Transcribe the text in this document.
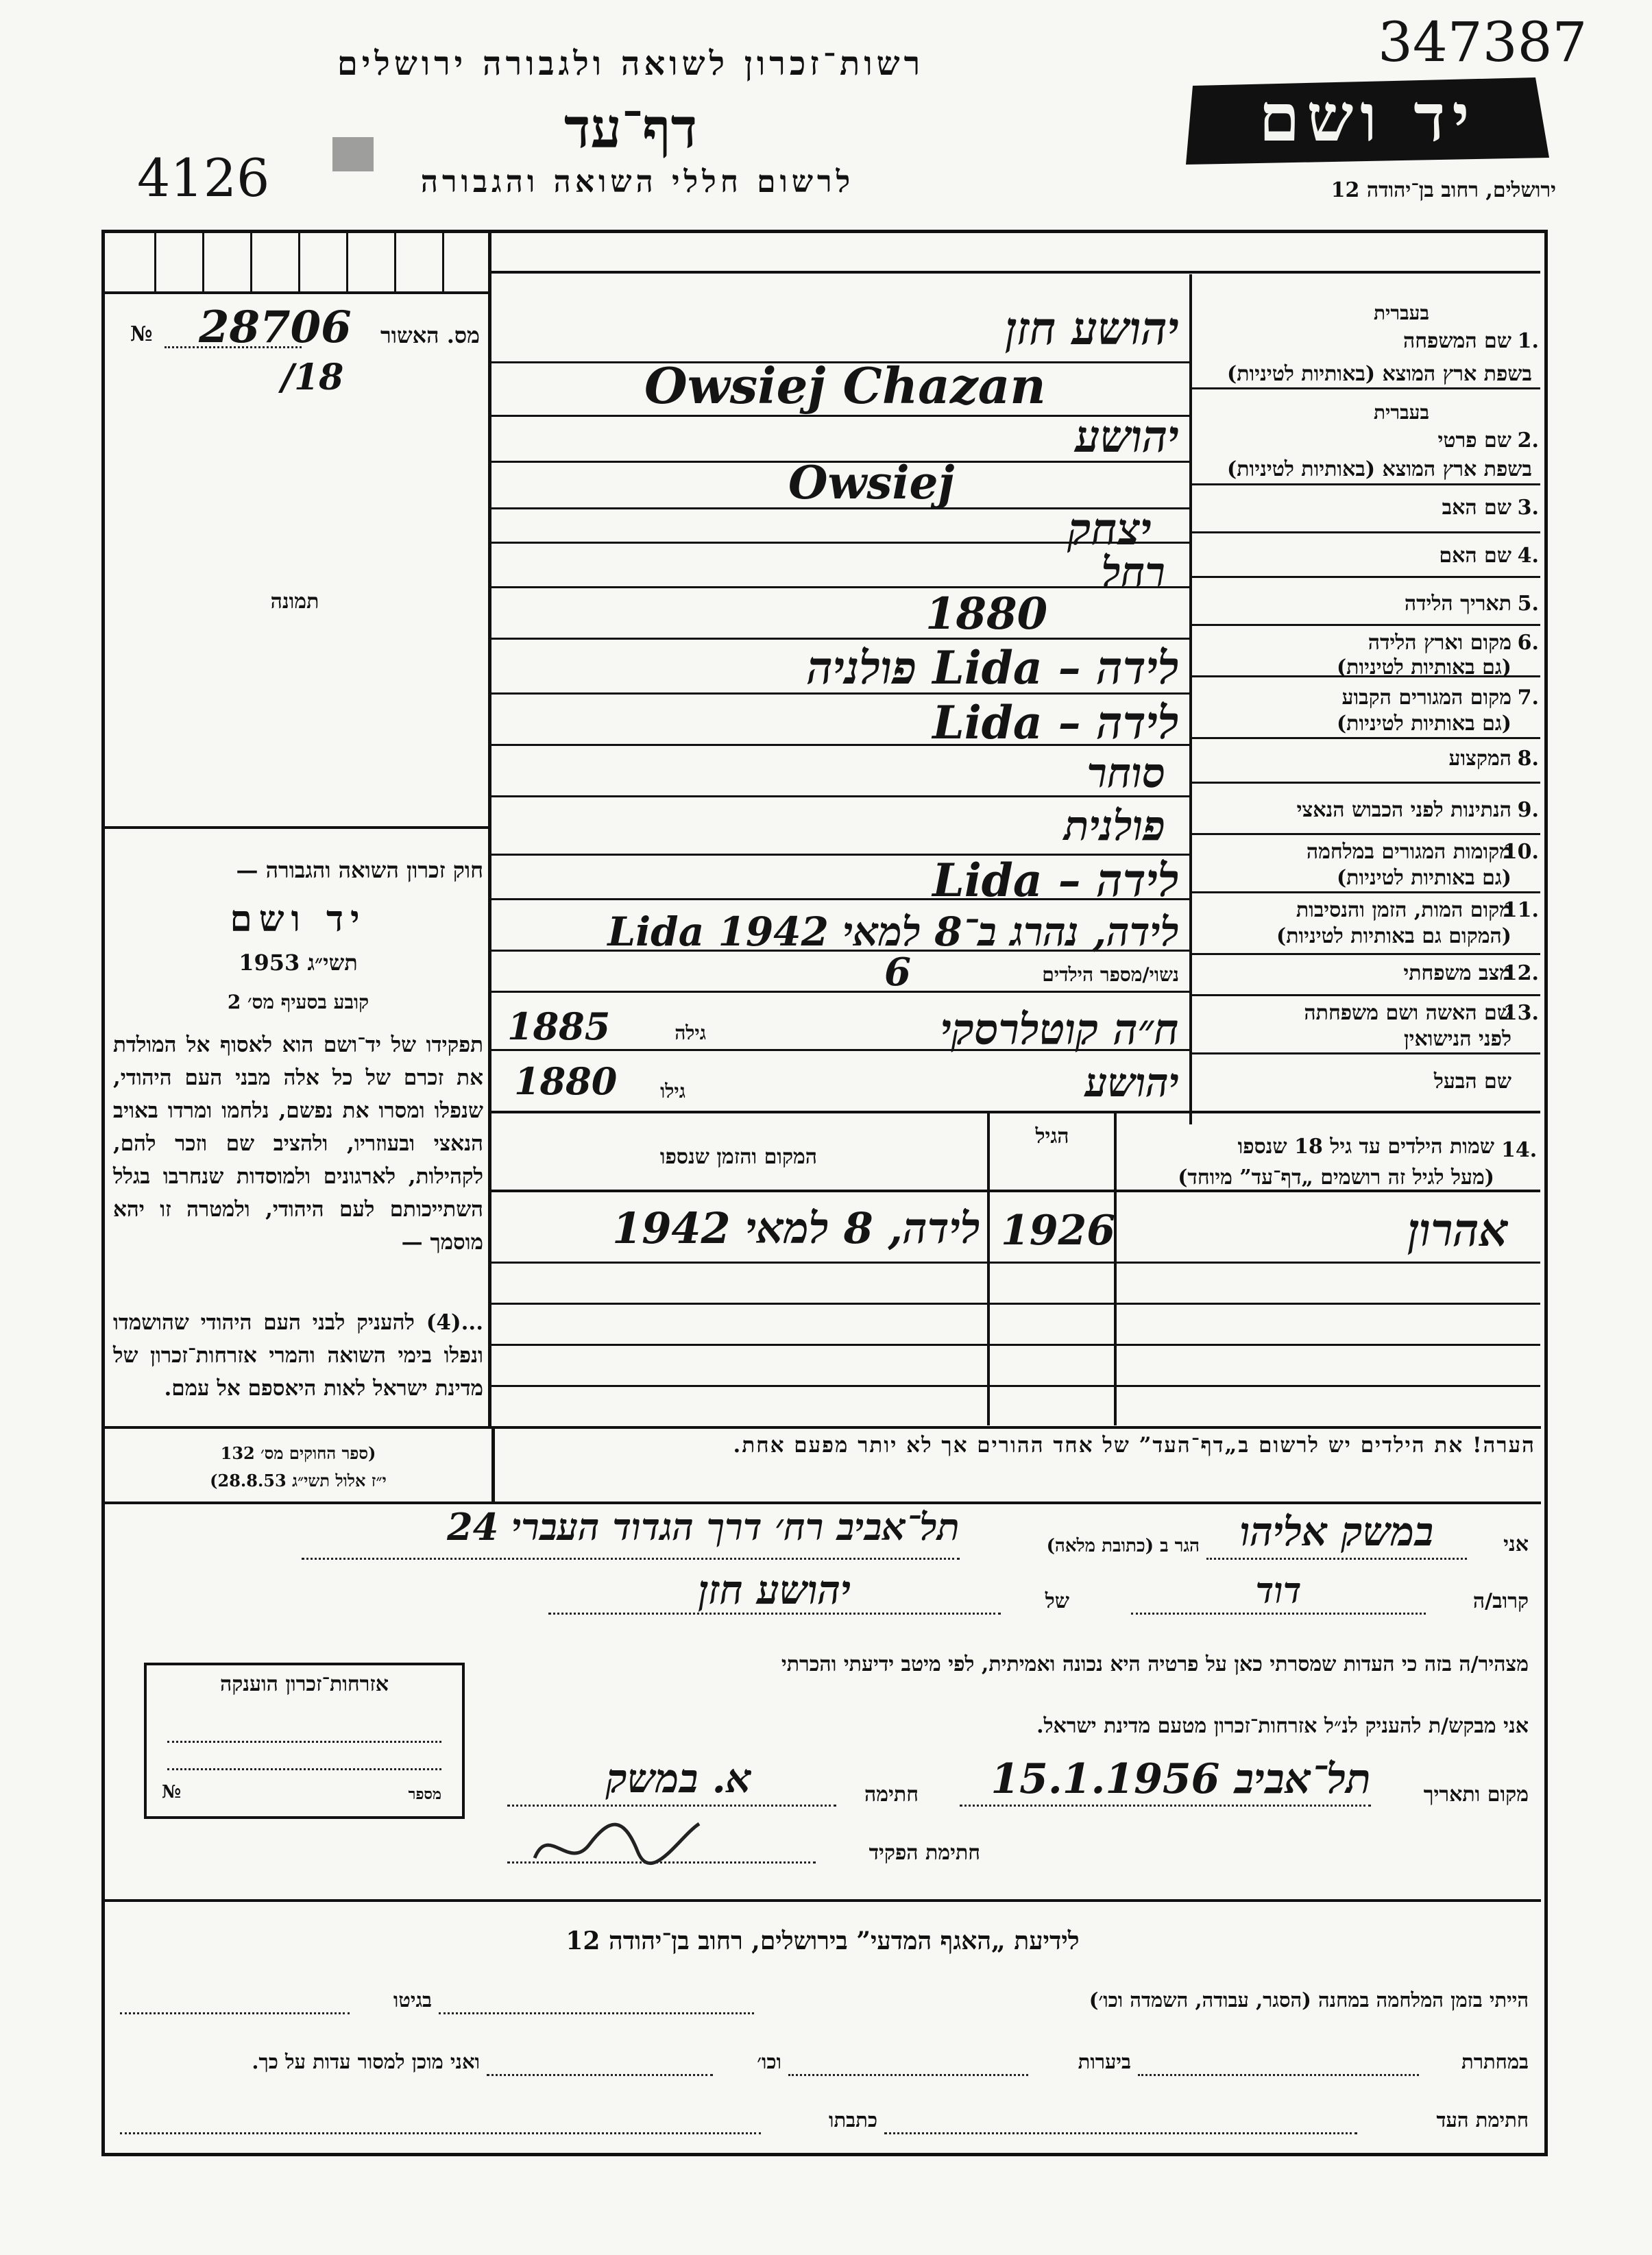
יד ושם
רשות־זכרון לשואה ולגבורה ירושלים
דף־עד
לרשום חללי השואה והגבורה	ירושלים, רחוב בן־יהודה 12
347387
4126
מס. האשור
№ 28706
/18
תמונה
בעברית
1.
שם המשפחה
בשפת ארץ המוצא (באותיות לטיניות)
בעברית
2.
שם פרטי
בשפת ארץ המוצא (באותיות לטיניות)
3.
שם האב
4.
שם האם
5.
תאריך הלידה
6.
מקום וארץ הלידה
(גם באותיות לטיניות)
7.
מקום המגורים הקבוע
(גם באותיות לטיניות)
8.
המקצוע
9.
הנתינות לפני הכבוש הנאצי
10.
מקומות המגורים במלחמה
(גם באותיות לטיניות)
11.
מקום המות, הזמן והנסיבות
(המקום גם באותיות לטיניות)
12.
מצב משפחתי
13.
שם האשה ושם משפחתה
לפני הנישואין
שם הבעל
יהושע חזן
Owsiej Chazan
יהושע
Owsiej
יצחק
רחל
1880
לידה – Lida פולניה
לידה – Lida
סוחר
פולנית
לידה – Lida
לידה, נהרג ב־8 למאי 1942 Lida
נשוי/מספר הילדים
6
ח״ה קוטלרסקי
גילה
1885
יהושע
גילו
1880
14.
שמות הילדים עד גיל 18 שנספו
(מעל לגיל זה רושמים „דף־עד” מיוחד)
הגיל
המקום והזמן שנספו
אהרון
1926
לידה, 8 למאי 1942
חוק זכרון השואה והגבורה —
יד ושם
תשי״ג 1953
קובע בסעיף מס׳ 2
תפקידו של יד־ושם הוא לאסוף אל המולדת את זכרם של כל אלה מבני העם היהודי, שנפלו ומסרו את נפשם, נלחמו ומרדו באויב הנאצי ובעוזריו, ולהציב שם וזכר להם, לקהילות, לארגונים ולמוסדות שנחרבו בגלל השתייכותם לעם היהודי, ולמטרה זו יהא מוסמך —
...(4) להעניק לבני העם היהודי שהושמדו ונפלו בימי השואה והמרי אזרחות־זכרון של מדינת ישראל לאות היאספם אל עמם.
(ספר החוקים מס׳ 132
י״ז אלול תשי״ג 28.8.53)
הערה! את הילדים יש לרשום ב„דף־העד” של אחד ההורים אך לא יותר מפעם אחת.
אני
במשק אליהו
הגר ב (כתובת מלאה)
תל־אביב רח׳ דרך הגדוד העברי 24
קרוב/ה
דוד
של
יהושע חזן
מצהיר/ה בזה כי העדות שמסרתי כאן על פרטיה היא נכונה ואמיתית, לפי מיטב ידיעתי והכרתי
אני מבקש/ת להעניק לנ״ל אזרחות־זכרון מטעם מדינת ישראל.
מקום ותאריך
תל־אביב 15.1.1956
חתימה
א. במשק
חתימת הפקיד
אזרחות־זכרון הוענקה
№	מספר
לידיעת „האגף המדעי” בירושלים, רחוב בן־יהודה 12
הייתי בזמן המלחמה במחנה (הסגר, עבודה, השמדה וכו׳)
בגיטו
במחתרת
ביערות
וכו׳
ואני מוכן למסור עדות על כך.
חתימת העד
כתבתו
